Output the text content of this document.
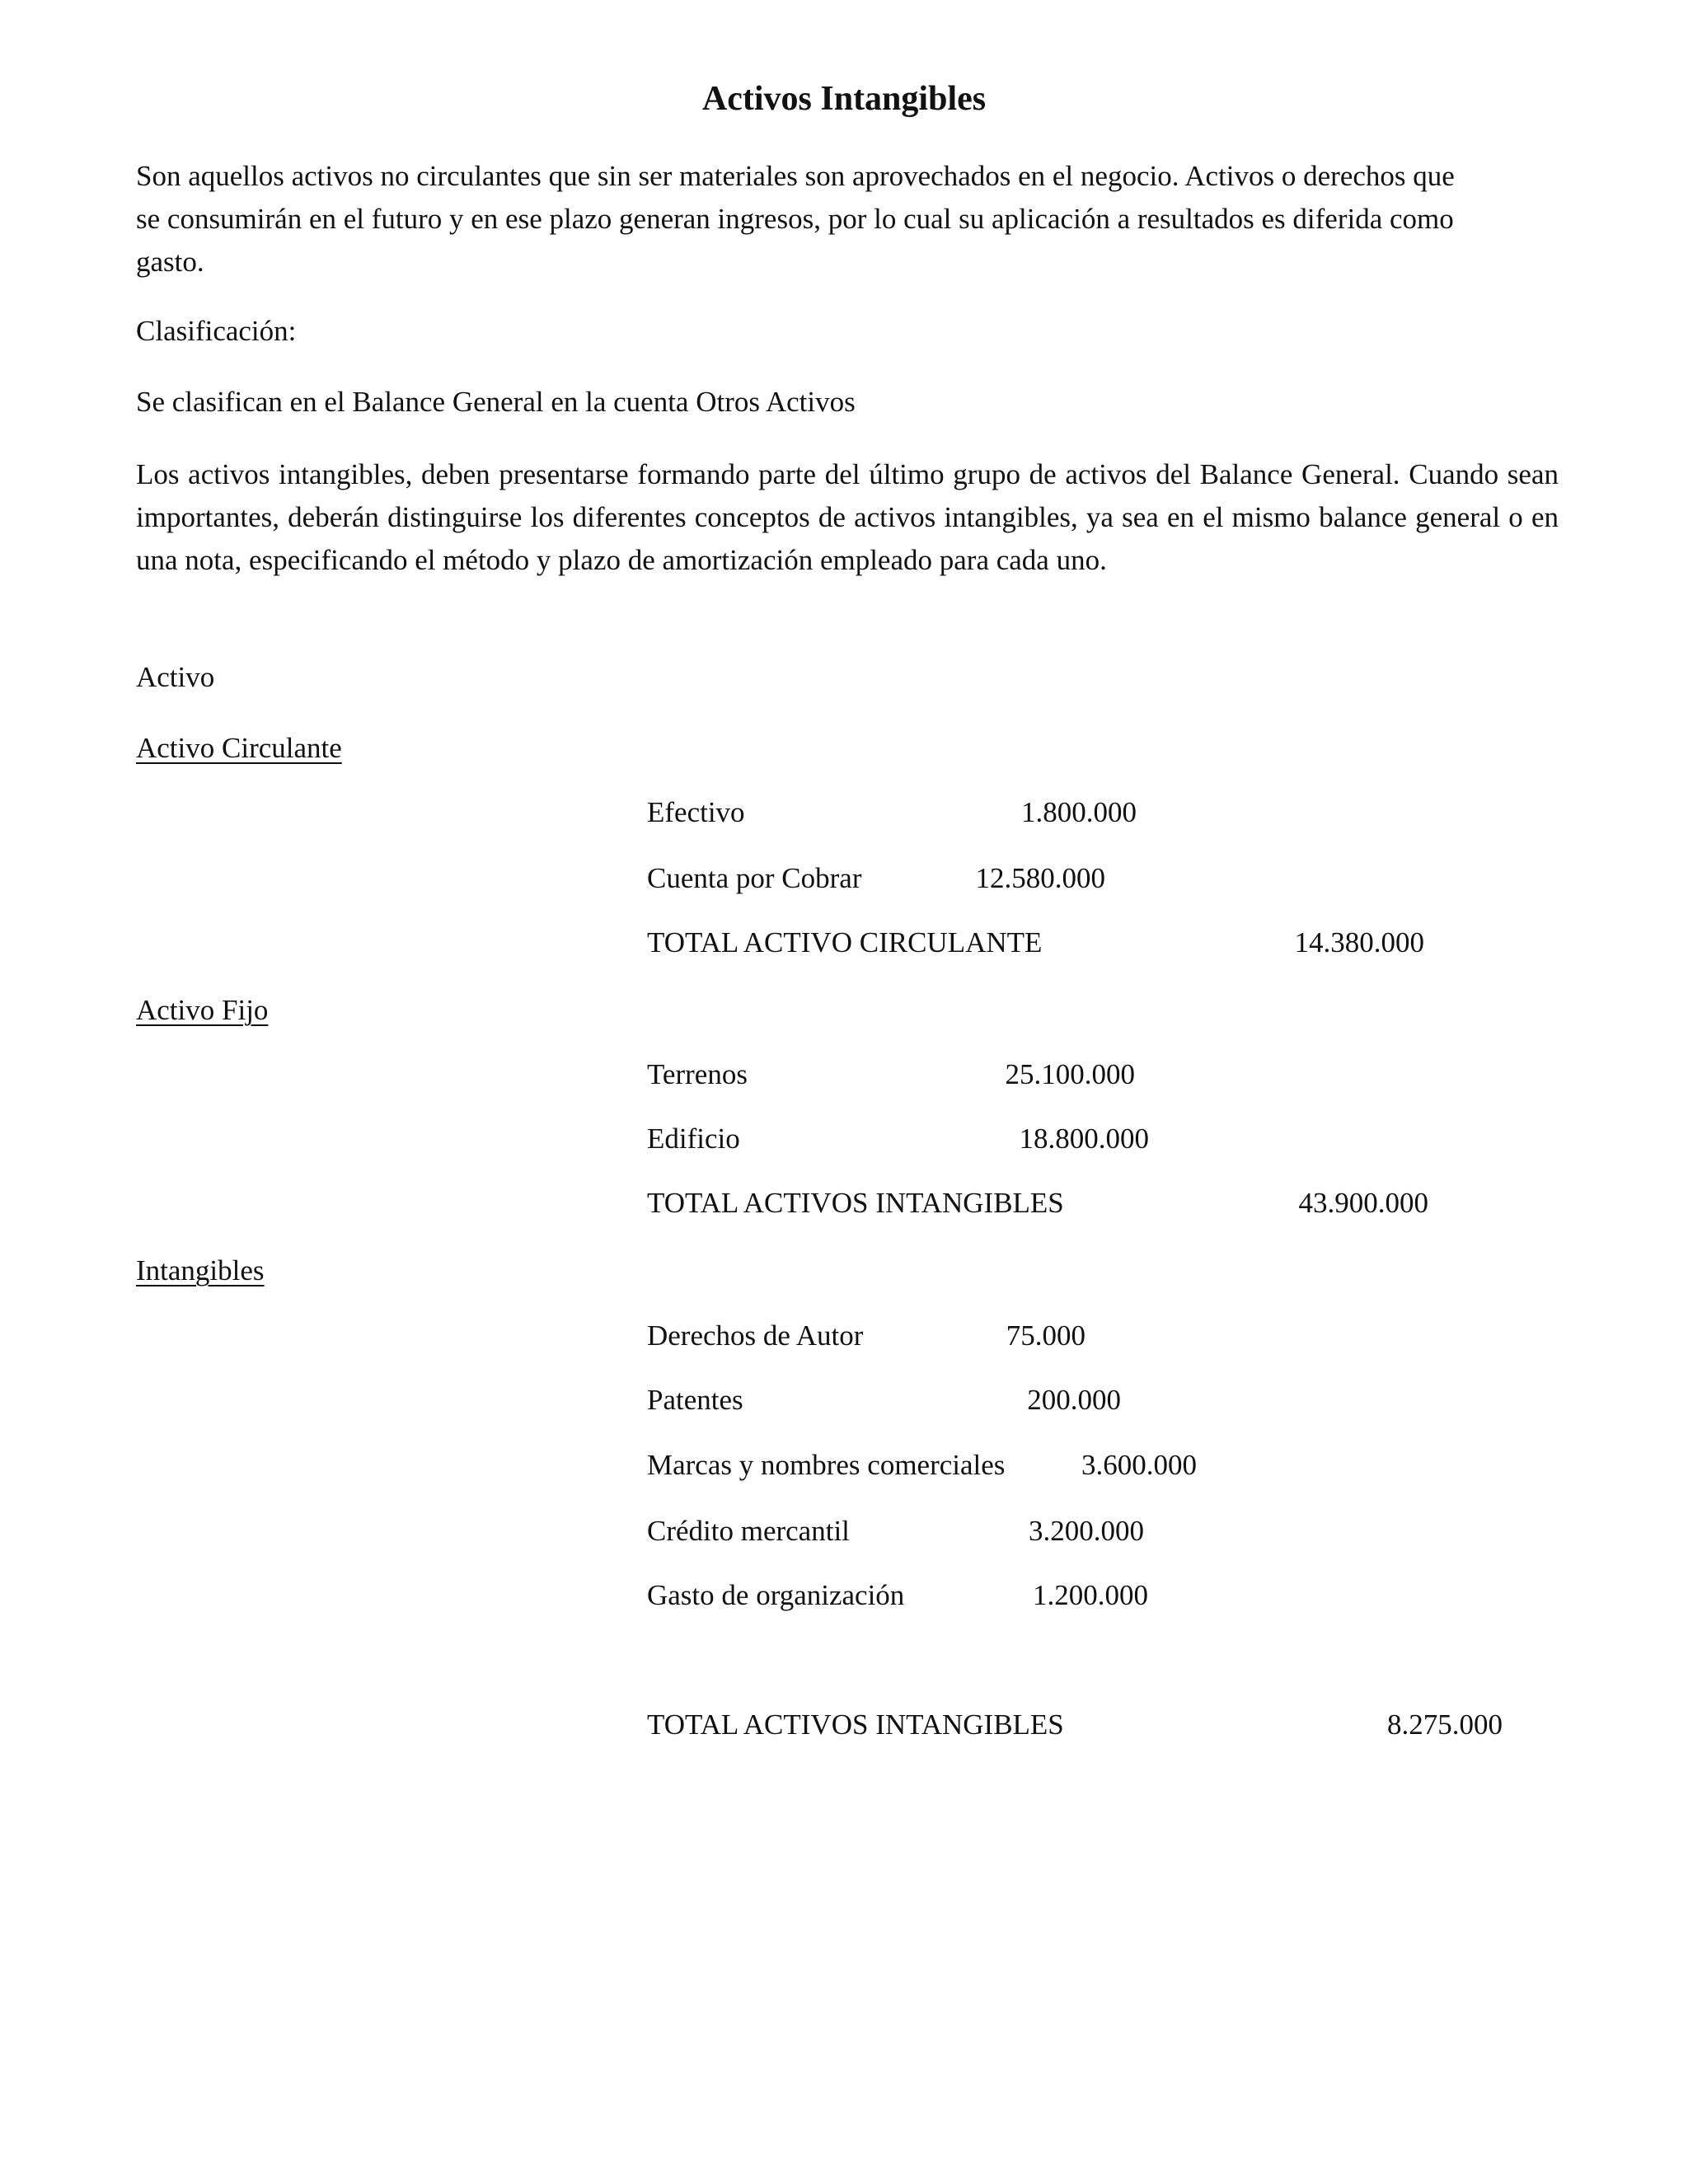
Activos Intangibles

Son aquellos activos no circulantes que sin ser materiales son aprovechados en el negocio. Activos o derechos que se consumirán en el futuro y en ese plazo generan ingresos, por lo cual su aplicación a resultados es diferida como gasto.

Clasificación:
Se clasifican en el Balance General en la cuenta Otros Activos

Los activos intangibles, deben presentarse formando parte del último grupo de activos del Balance General. Cuando sean importantes, deberán distinguirse los diferentes conceptos de activos intangibles, ya sea en el mismo balance general o en una nota, especificando el método y plazo de amortización empleado para cada uno.

Activo
Activo Circulante
Efectivo	1.800.000
Cuenta por Cobrar	12.580.000
TOTAL ACTIVO CIRCULANTE	14.380.000
Activo Fijo
Terrenos	25.100.000
Edificio	18.800.000
TOTAL ACTIVOS INTANGIBLES	43.900.000
Intangibles
Derechos de Autor	75.000
Patentes	200.000
Marcas y nombres comerciales	3.600.000
Crédito mercantil	3.200.000
Gasto de organización	1.200.000
TOTAL ACTIVOS INTANGIBLES	8.275.000
